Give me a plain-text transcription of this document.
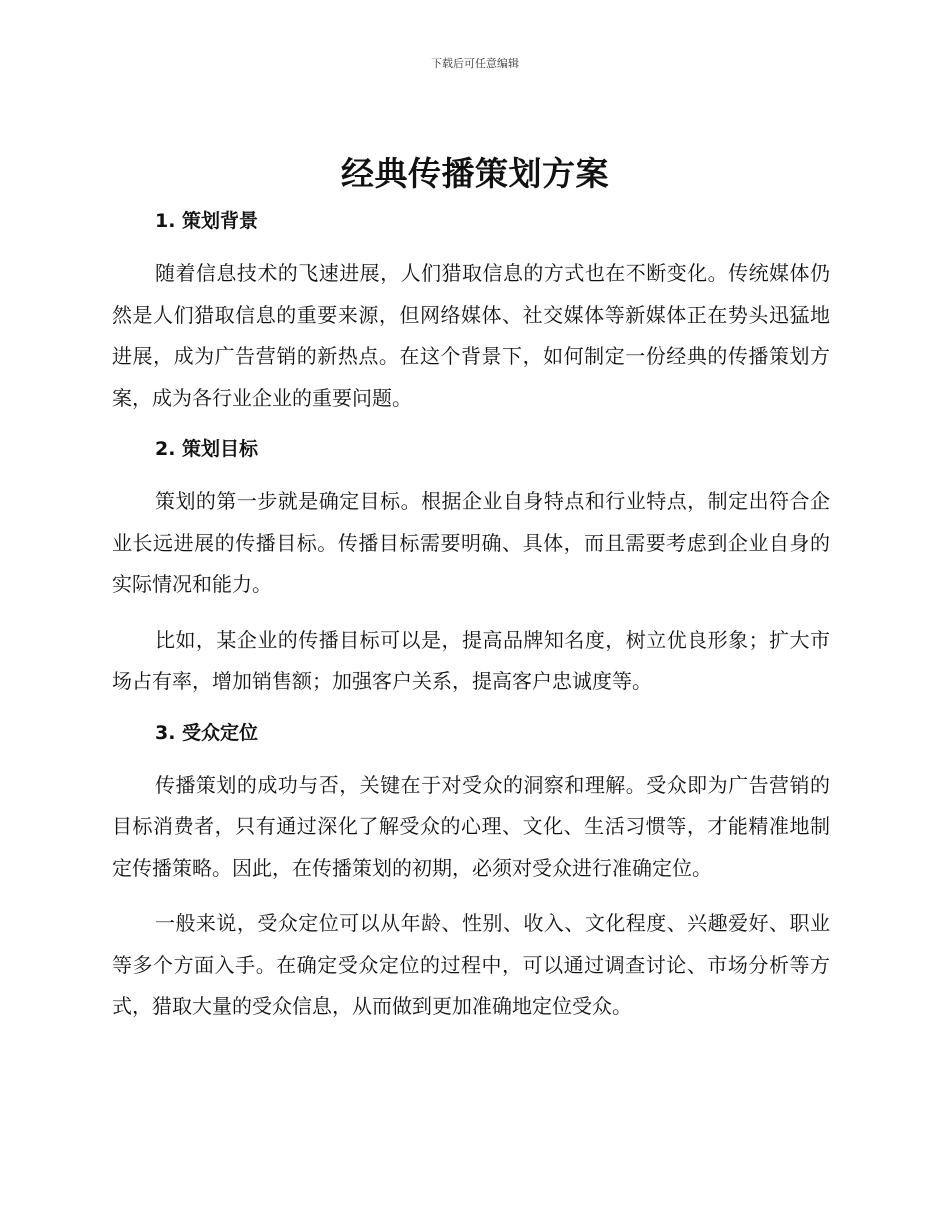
下载后可任意编辑
经典传播策划方案
1. 策划背景

随着信息技术的飞速进展，人们猎取信息的方式也在不断变化。传统媒体仍然是人们猎取信息的重要来源，但网络媒体、社交媒体等新媒体正在势头迅猛地进展，成为广告营销的新热点。在这个背景下，如何制定一份经典的传播策划方案，成为各行业企业的重要问题。

2. 策划目标

策划的第一步就是确定目标。根据企业自身特点和行业特点，制定出符合企业长远进展的传播目标。传播目标需要明确、具体，而且需要考虑到企业自身的实际情况和能力。

比如，某企业的传播目标可以是，提高品牌知名度，树立优良形象；扩大市场占有率，增加销售额；加强客户关系，提高客户忠诚度等。

3. 受众定位

传播策划的成功与否，关键在于对受众的洞察和理解。受众即为广告营销的目标消费者，只有通过深化了解受众的心理、文化、生活习惯等，才能精准地制定传播策略。因此，在传播策划的初期，必须对受众进行准确定位。

一般来说，受众定位可以从年龄、性别、收入、文化程度、兴趣爱好、职业等多个方面入手。在确定受众定位的过程中，可以通过调查讨论、市场分析等方式，猎取大量的受众信息，从而做到更加准确地定位受众。
